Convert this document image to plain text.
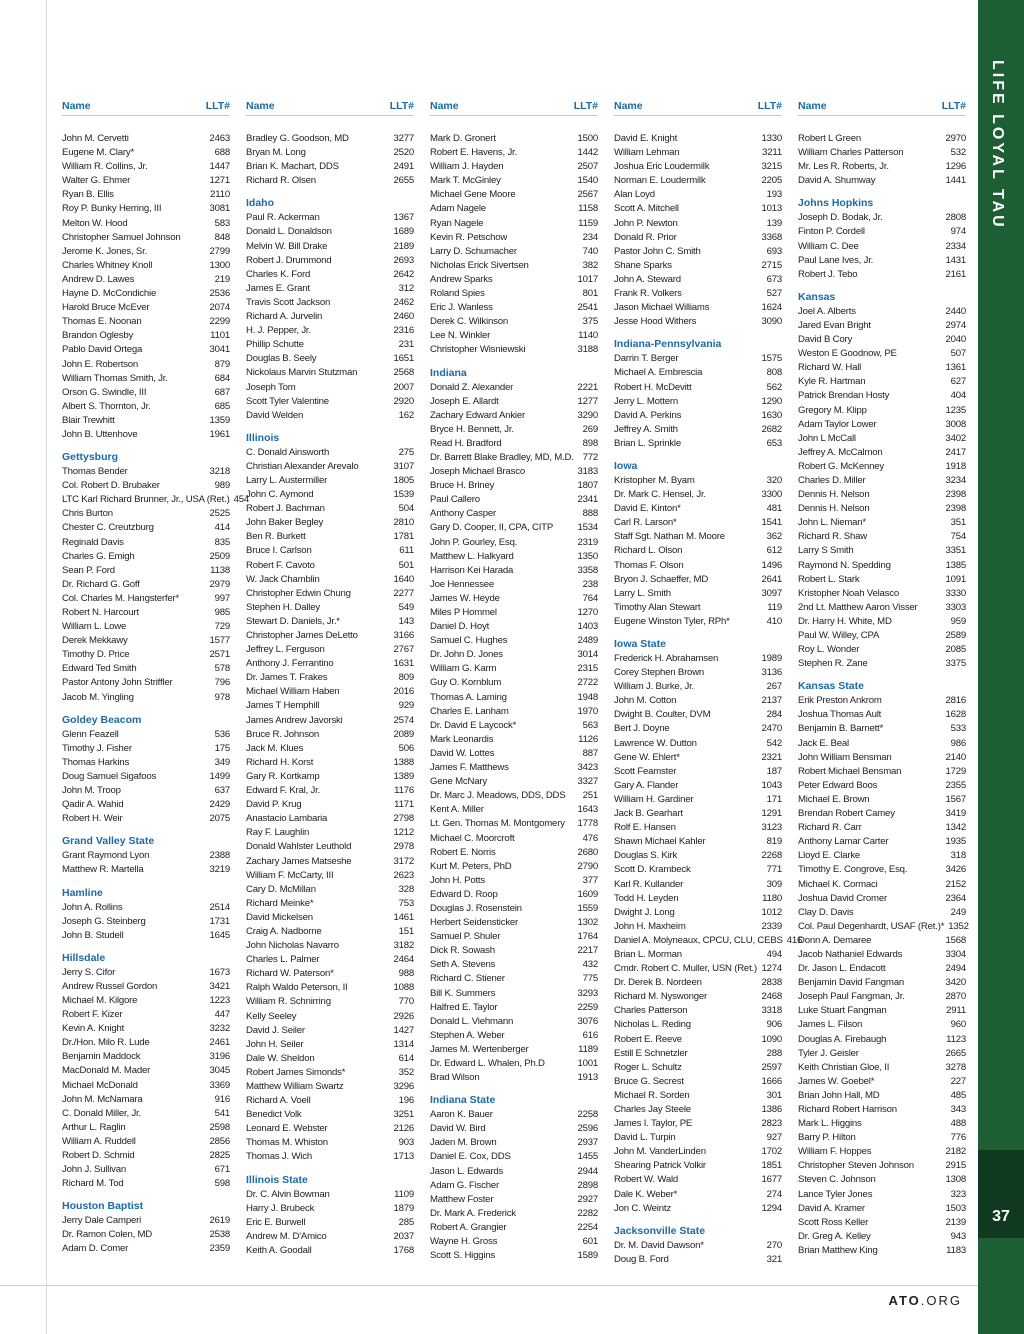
Name	LLT#
John M. Cervetti	2463
Eugene M. Clary*	688
William R. Collins, Jr.	1447
Walter G. Ehmer	1271
Ryan B. Ellis	2110
Roy P. Bunky Herring, III	3081
Melton W. Hood	583
Christopher Samuel Johnson	848
Jerome K. Jones, Sr.	2799
Charles Whitney Knoll	1300
Andrew D. Lawes	219
Hayne D. McCondichie	2536
Harold Bruce McEver	2074
Thomas E. Noonan	2299
Brandon Oglesby	1101
Pablo David Ortega	3041
John E. Robertson	879
William Thomas Smith, Jr.	684
Orson G. Swindle, III	687
Albert S. Thornton, Jr.	685
Blair Trewhitt	1359
John B. Uttenhove	1961
Gettysburg
Thomas Bender	3218
Col. Robert D. Brubaker	989
LTC Karl Richard Brunner, Jr., USA (Ret.) 454
Chris Burton	2525
Chester C. Creutzburg	414
Reginald Davis	835
Charles G. Emigh	2509
Sean P. Ford	1138
Dr. Richard G. Goff	2979
Col. Charles M. Hangsterfer*	997
Robert N. Harcourt	985
William L. Lowe	729
Derek Mekkawy	1577
Timothy D. Price	2571
Edward Ted Smith	578
Pastor Antony John Striffler	796
Jacob M. Yingling	978
Goldey Beacom
Glenn Feazell	536
Timothy J. Fisher	175
Thomas Harkins	349
Doug Samuel Sigafoos	1499
John M. Troop	637
Qadir A. Wahid	2429
Robert H. Weir	2075
Grand Valley State
Grant Raymond Lyon	2388
Matthew R. Martella	3219
Hamline
John A. Rollins	2514
Joseph G. Steinberg	1731
John B. Studell	1645
Hillsdale
Jerry S. Cifor	1673
Andrew Russel Gordon	3421
Michael M. Kilgore	1223
Robert F. Kizer	447
Kevin A. Knight	3232
Dr./Hon. Milo R. Lude	2461
Benjamin Maddock	3196
MacDonald M. Mader	3045
Michael McDonald	3369
John M. McNamara	916
C. Donald Miller, Jr.	541
Arthur L. Raglin	2598
William A. Ruddell	2856
Robert D. Schmid	2825
John J. Sullivan	671
Richard M. Tod	598
Houston Baptist
Jerry Dale Camperi	2619
Dr. Ramon Colen, MD	2538
Adam D. Comer	2359
Name	LLT#
Bradley G. Goodson, MD	3277
Bryan M. Long	2520
Brian K. Machart, DDS	2491
Richard R. Olsen	2655
Idaho
Paul R. Ackerman	1367
Donald L. Donaldson	1689
Melvin W. Bill Drake	2189
Robert J. Drummond	2693
Charles K. Ford	2642
James E. Grant	312
Travis Scott Jackson	2462
Richard A. Jurvelin	2460
H. J. Pepper, Jr.	2316
Phillip Schutte	231
Douglas B. Seely	1651
Nickolaus Marvin Stutzman	2568
Joseph Tom	2007
Scott Tyler Valentine	2920
David Welden	162
Illinois
C. Donald Ainsworth	275
Christian Alexander Arevalo	3107
Larry L. Austermiller	1805
John C. Aymond	1539
Robert J. Bachman	504
John Baker Begley	2810
Ben R. Burkett	1781
Bruce I. Carlson	611
Robert F. Cavoto	501
W. Jack Chamblin	1640
Christopher Edwin Chung	2277
Stephen H. Dalley	549
Stewart D. Daniels, Jr.*	143
Christopher James DeLetto	3166
Jeffrey L. Ferguson	2767
Anthony J. Ferrantino	1631
Dr. James T. Frakes	809
Michael William Haben	2016
James T Hemphill	929
James Andrew Javorski	2574
Bruce R. Johnson	2089
Jack M. Klues	506
Richard H. Korst	1388
Gary R. Kortkamp	1389
Edward F. Kral, Jr.	1176
David P. Krug	1171
Anastacio Lambaria	2798
Ray F. Laughlin	1212
Donald Wahlster Leuthold	2978
Zachary James Matseshe	3172
William F. McCarty, III	2623
Cary D. McMillan	328
Richard Meinke*	753
David Mickelsen	1461
Craig A. Nadborne	151
John Nicholas Navarro	3182
Charles L. Palmer	2464
Richard W. Paterson*	988
Ralph Waldo Peterson, II	1088
William R. Schnirring	770
Kelly Seeley	2926
David J. Seiler	1427
John H. Seiler	1314
Dale W. Sheldon	614
Robert James Simonds*	352
Matthew William Swartz	3296
Richard A. Voell	196
Benedict Volk	3251
Leonard E. Webster	2126
Thomas M. Whiston	903
Thomas J. Wich	1713
Illinois State
Dr. C. Alvin Bowman	1109
Harry J. Brubeck	1879
Eric E. Burwell	285
Andrew M. D'Amico	2037
Keith A. Goodall	1768
Name	LLT#
Mark D. Gronert	1500
Robert E. Havens, Jr.	1442
William J. Hayden	2507
Mark T. McGinley	1540
Michael Gene Moore	2567
Adam Nagele	1158
Ryan Nagele	1159
Kevin R. Petschow	234
Larry D. Schumacher	740
Nicholas Erick Sivertsen	382
Andrew Sparks	1017
Roland Spies	801
Eric J. Wanless	2541
Derek C. Wilkinson	375
Lee N. Winkler	1140
Christopher Wisniewski	3188
Indiana
Donald Z. Alexander	2221
Joseph E. Allardt	1277
Zachary Edward Ankier	3290
Bryce H. Bennett, Jr.	269
Read H. Bradford	898
Dr. Barrett Blake Bradley, MD, M.D. 772
Joseph Michael Brasco	3183
Bruce H. Briney	1807
Paul Callero	2341
Anthony Casper	888
Gary D. Cooper, II, CPA, CITP	1534
John P. Gourley, Esq.	2319
Matthew L. Halkyard	1350
Harrison Kei Harada	3358
Joe Hennessee	238
James W. Heyde	764
Miles P Hommel	1270
Daniel D. Hoyt	1403
Samuel C. Hughes	2489
Dr. John D. Jones	3014
William G. Karm	2315
Guy O. Kornblum	2722
Thomas A. Laming	1948
Charles E. Lanham	1970
Dr. David E Laycock*	563
Mark Leonardis	1126
David W. Lottes	887
James F. Matthews	3423
Gene McNary	3327
Dr. Marc J. Meadows, DDS, DDS	251
Kent A. Miller	1643
Lt. Gen. Thomas M. Montgomery	1778
Michael C. Moorcroft	476
Robert E. Norris	2680
Kurt M. Peters, PhD	2790
John H. Potts	377
Edward D. Roop	1609
Douglas J. Rosenstein	1559
Herbert Seidensticker	1302
Samuel P. Shuler	1764
Dick R. Sowash	2217
Seth A. Stevens	432
Richard C. Stiener	775
Bill K. Summers	3293
Halfred E. Taylor	2259
Donald L. Viehmann	3076
Stephen A. Weber	616
James M. Wertenberger	1189
Dr. Edward L. Whalen, Ph.D	1001
Brad Wilson	1913
Indiana State
Aaron K. Bauer	2258
David W. Bird	2596
Jaden M. Brown	2937
Daniel E. Cox, DDS	1455
Jason L. Edwards	2944
Adam G. Fischer	2898
Matthew Foster	2927
Dr. Mark A. Frederick	2282
Robert A. Grangier	2254
Wayne H. Gross	601
Scott S. Higgins	1589
Name	LLT#
David E. Knight	1330
William Lehman	3211
Joshua Eric Loudermilk	3215
Norman E. Loudermilk	2205
Alan Loyd	193
Scott A. Mitchell	1013
John P. Newton	139
Donald R. Prior	3368
Pastor John C. Smith	693
Shane Sparks	2715
John A. Steward	673
Frank R. Volkers	527
Jason Michael Williams	1624
Jesse Hood Withers	3090
Indiana-Pennsylvania
Darrin T. Berger	1575
Michael A. Embrescia	808
Robert H. McDevitt	562
Jerry L. Mottern	1290
David A. Perkins	1630
Jeffrey A. Smith	2682
Brian L. Sprinkle	653
Iowa
Kristopher M. Byam	320
Dr. Mark C. Hensel, Jr.	3300
David E. Kinton*	481
Carl R. Larson*	1541
Staff Sgt. Nathan M. Moore	362
Richard L. Olson	612
Thomas F. Olson	1496
Bryon J. Schaeffer, MD	2641
Larry L. Smith	3097
Timothy Alan Stewart	119
Eugene Winston Tyler, RPh*	410
Iowa State
Frederick H. Abrahamsen	1989
Corey Stephen Brown	3136
William J. Burke, Jr.	267
John M. Cotton	2137
Dwight B. Coulter, DVM	284
Bert J. Doyne	2470
Lawrence W. Dutton	542
Gene W. Ehlert*	2321
Scott Feamster	187
Gary A. Flander	1043
William H. Gardiner	171
Jack B. Gearhart	1291
Rolf E. Hansen	3123
Shawn Michael Kahler	819
Douglas S. Kirk	2268
Scott D. Krambeck	771
Karl R. Kullander	309
Todd H. Leyden	1180
Dwight J. Long	1012
John H. Maxheim	2339
Daniel A. Molyneaux, CPCU, CLU, CEBS 416
Brian L. Morman	494
Cmdr. Robert C. Muller, USN (Ret.) 1274
Dr. Derek B. Nordeen	2838
Richard M. Nyswonger	2468
Charles Patterson	3318
Nicholas L. Reding	906
Robert E. Reeve	1090
Estill E Schnetzler	288
Roger L. Schultz	2597
Bruce G. Secrest	1666
Michael R. Sorden	301
Charles Jay Steele	1386
James I. Taylor, PE	2823
David L. Turpin	927
John M. VanderLinden	1702
Shearing Patrick Volkir	1851
Robert W. Wald	1677
Dale K. Weber*	274
Jon C. Weintz	1294
Jacksonville State
Dr. M. David Dawson*	270
Doug B. Ford	321
Name	LLT#
Robert L Green	2970
William Charles Patterson	532
Mr. Les R. Roberts, Jr.	1296
David A. Shumway	1441
Johns Hopkins
Joseph D. Bodak, Jr.	2808
Finton P. Cordell	974
William C. Dee	2334
Paul Lane Ives, Jr.	1431
Robert J. Tebo	2161
Kansas
Joel A. Alberts	2440
Jared Evan Bright	2974
David B Cory	2040
Weston E Goodnow, PE	507
Richard W. Hall	1361
Kyle R. Hartman	627
Patrick Brendan Hosty	404
Gregory M. Klipp	1235
Adam Taylor Lower	3008
John L McCall	3402
Jeffrey A. McCalmon	2417
Robert G. McKenney	1918
Charles D. Miller	3234
Dennis H. Nelson	2398
Dennis H. Nelson	2398
John L. Nieman*	351
Richard R. Shaw	754
Larry S Smith	3351
Raymond N. Spedding	1385
Robert L. Stark	1091
Kristopher Noah Velasco	3330
2nd Lt. Matthew Aaron Visser	3303
Dr. Harry H. White, MD	959
Paul W. Willey, CPA	2589
Roy L. Wonder	2085
Stephen R. Zane	3375
Kansas State
Erik Preston Ankrom	2816
Joshua Thomas Ault	1628
Benjamin B. Barnett*	533
Jack E. Beal	986
John William Bensman	2140
Robert Michael Bensman	1729
Peter Edward Boos	2355
Michael E. Brown	1567
Brendan Robert Camey	3419
Richard R. Carr	1342
Anthony Lamar Carter	1935
Lloyd E. Clarke	318
Timothy E. Congrove, Esq.	3426
Michael K. Cormaci	2152
Joshua David Cromer	2364
Clay D. Davis	249
Col. Paul Degenhardt, USAF (Ret.)* 1352
Donn A. Demaree	1568
Jacob Nathaniel Edwards	3304
Dr. Jason L. Endacott	2494
Benjamin David Fangman	3420
Joseph Paul Fangman, Jr.	2870
Luke Stuart Fangman	2911
James L. Filson	960
Douglas A. Firebaugh	1123
Tyler J. Geisler	2665
Keith Christian Gloe, II	3278
James W. Goebel*	227
Brian John Hall, MD	485
Richard Robert Harrison	343
Mark L. Higgins	488
Barry P. Hilton	776
William F. Hoppes	2182
Christopher Steven Johnson	2915
Steven C. Johnson	1308
Lance Tyler Jones	323
David A. Kramer	1503
Scott Ross Keller	2139
Dr. Greg A. Kelley	943
Brian Matthew King	1183
LIFE LOYAL TAU
37
ATO.ORG
